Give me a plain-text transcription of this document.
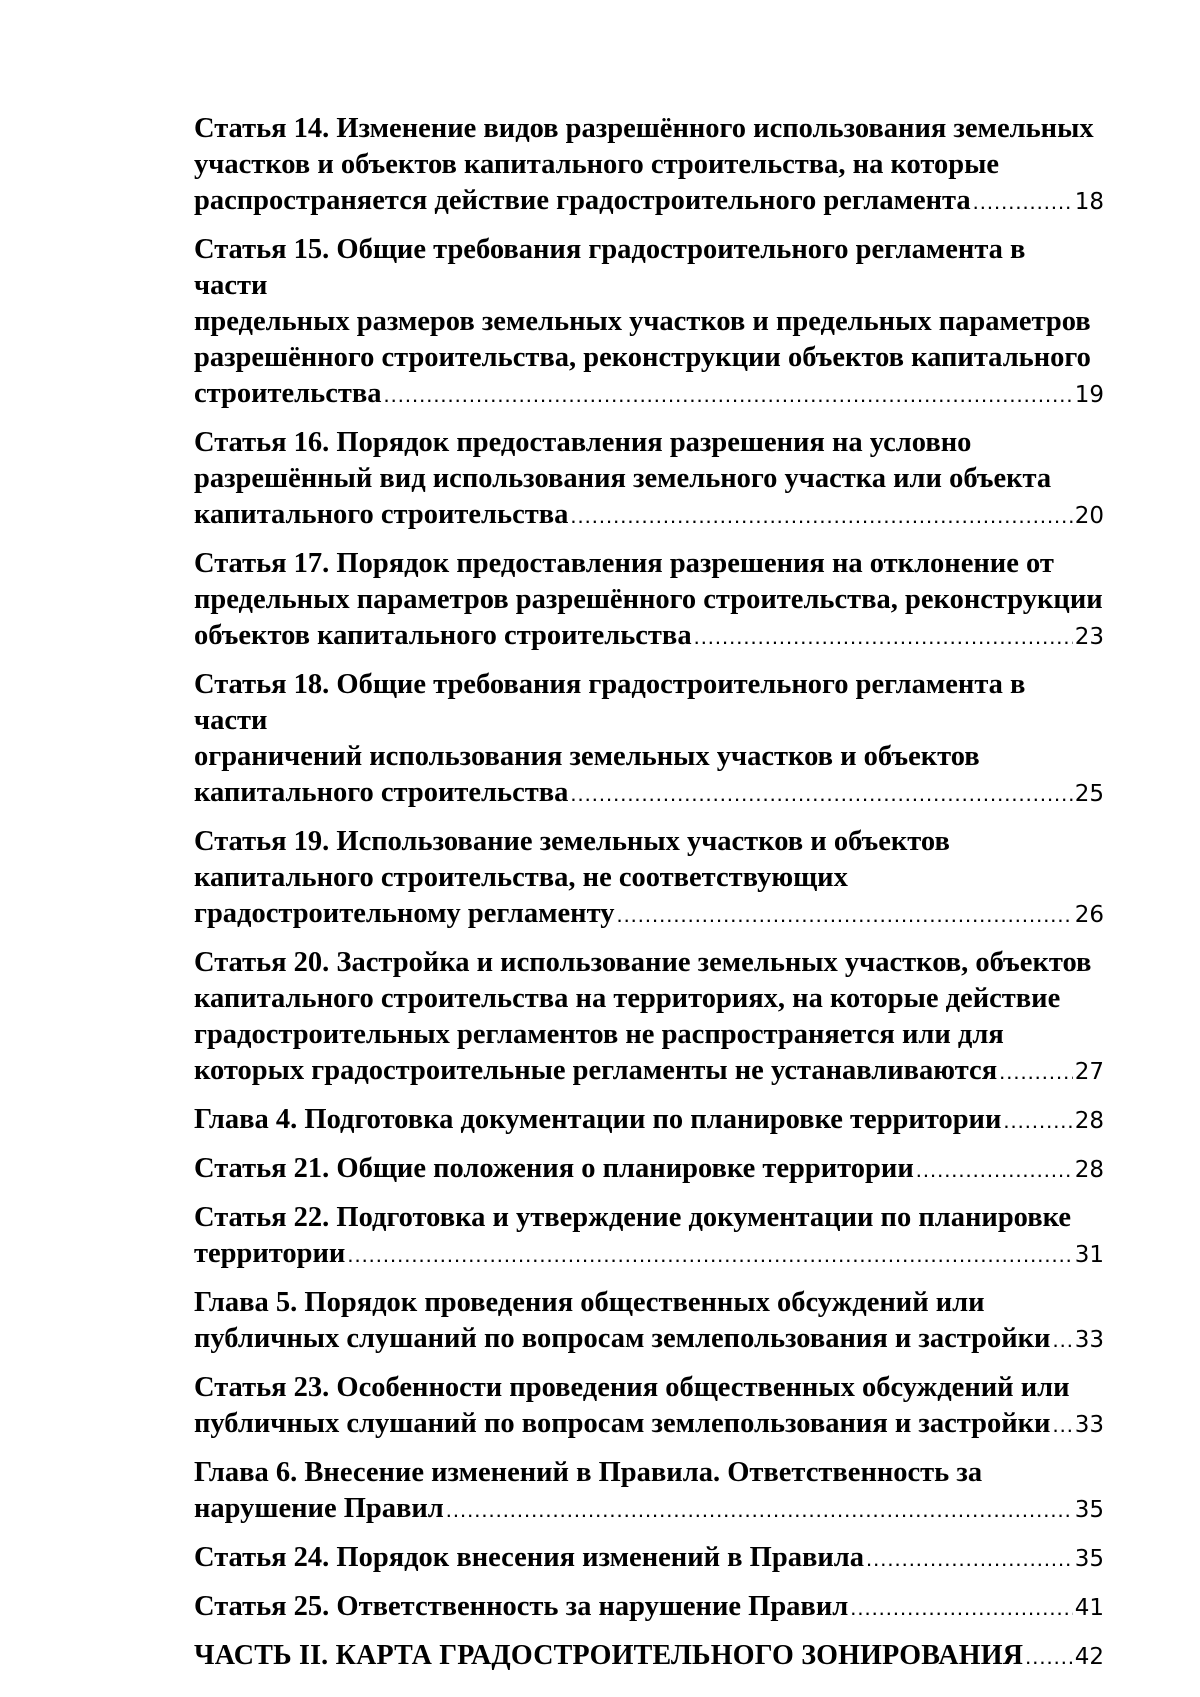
Статья 14. Изменение видов разрешённого использования земельных
участков и объектов капитального строительства, на которые
распространяется действие градостроительного регламента .....	18
Статья 15. Общие требования градостроительного регламента в части
предельных размеров земельных участков и предельных параметров
разрешённого строительства, реконструкции объектов капитального
строительства .....	19
Статья 16. Порядок предоставления разрешения на условно
разрешённый вид использования земельного участка или объекта
капитального строительства .....	20
Статья 17. Порядок предоставления разрешения на отклонение от
предельных параметров разрешённого строительства, реконструкции
объектов капитального строительства .....	23
Статья 18. Общие требования градостроительного регламента в части
ограничений использования земельных участков и объектов
капитального строительства .....	25
Статья 19. Использование земельных участков и объектов
капитального строительства, не соответствующих
градостроительному регламенту .....	26
Статья 20. Застройка и использование земельных участков, объектов
капитального строительства на территориях, на которые действие
градостроительных регламентов не распространяется или для
которых градостроительные регламенты не устанавливаются .....	27
Глава 4. Подготовка документации по планировке территории .....	28
Статья 21. Общие положения о планировке территории .....	28
Статья 22. Подготовка и утверждение документации по планировке
территории .....	31
Глава 5. Порядок проведения общественных обсуждений или
публичных слушаний по вопросам землепользования и застройки ..... 33
Статья 23. Особенности проведения общественных обсуждений или
публичных слушаний по вопросам землепользования и застройки ..... 33
Глава 6. Внесение изменений в Правила. Ответственность за
нарушение Правил .....	35
Статья 24. Порядок внесения изменений в Правила .....	35
Статья 25. Ответственность за нарушение Правил .....	41
ЧАСТЬ II. КАРТА ГРАДОСТРОИТЕЛЬНОГО ЗОНИРОВАНИЯ ..... 42
